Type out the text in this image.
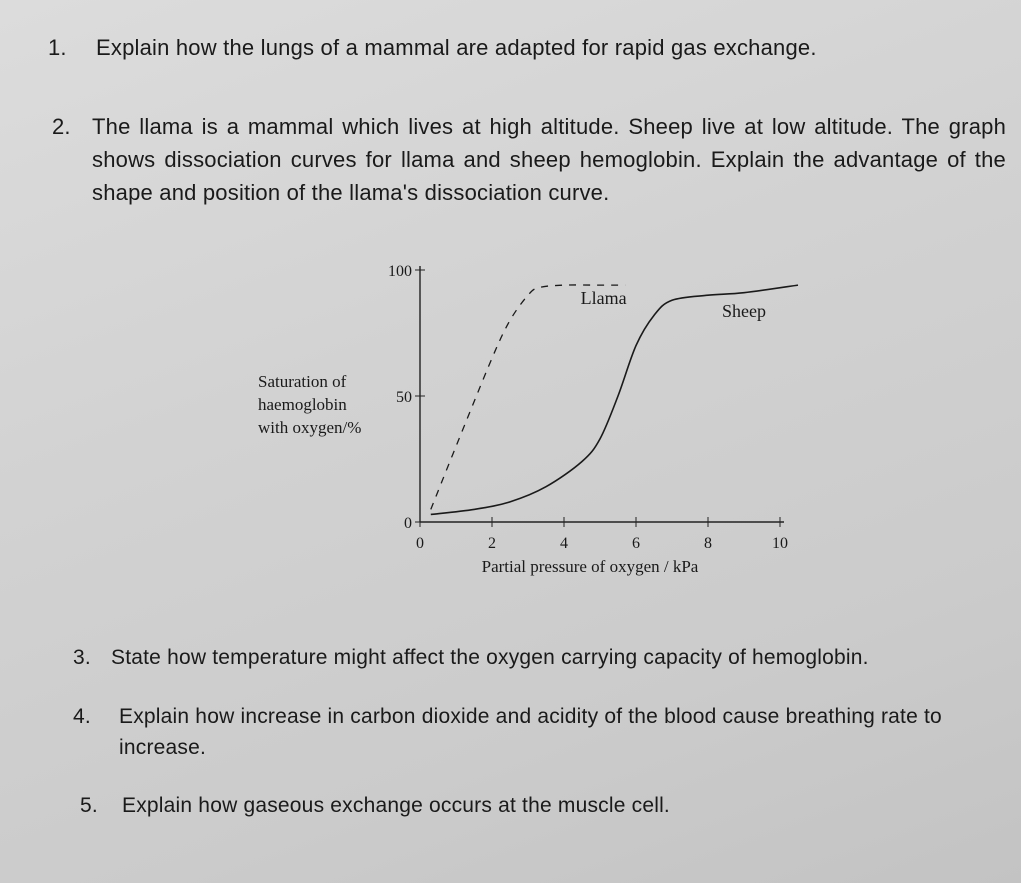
1. Explain how the lungs of a mammal are adapted for rapid gas exchange.
2. The llama is a mammal which lives at high altitude. Sheep live at low altitude. The graph shows dissociation curves for llama and sheep hemoglobin. Explain the advantage of the shape and position of the llama's dissociation curve.
0	2	4	6	8	10
0
50
100
Partial pressure of oxygen / kPa
Saturation of
haemoglobin
with oxygen/%
Llama
Sheep
3. State how temperature might affect the oxygen carrying capacity of hemoglobin.
4. Explain how increase in carbon dioxide and acidity of the blood cause breathing rate to increase.
5. Explain how gaseous exchange occurs at the muscle cell.
